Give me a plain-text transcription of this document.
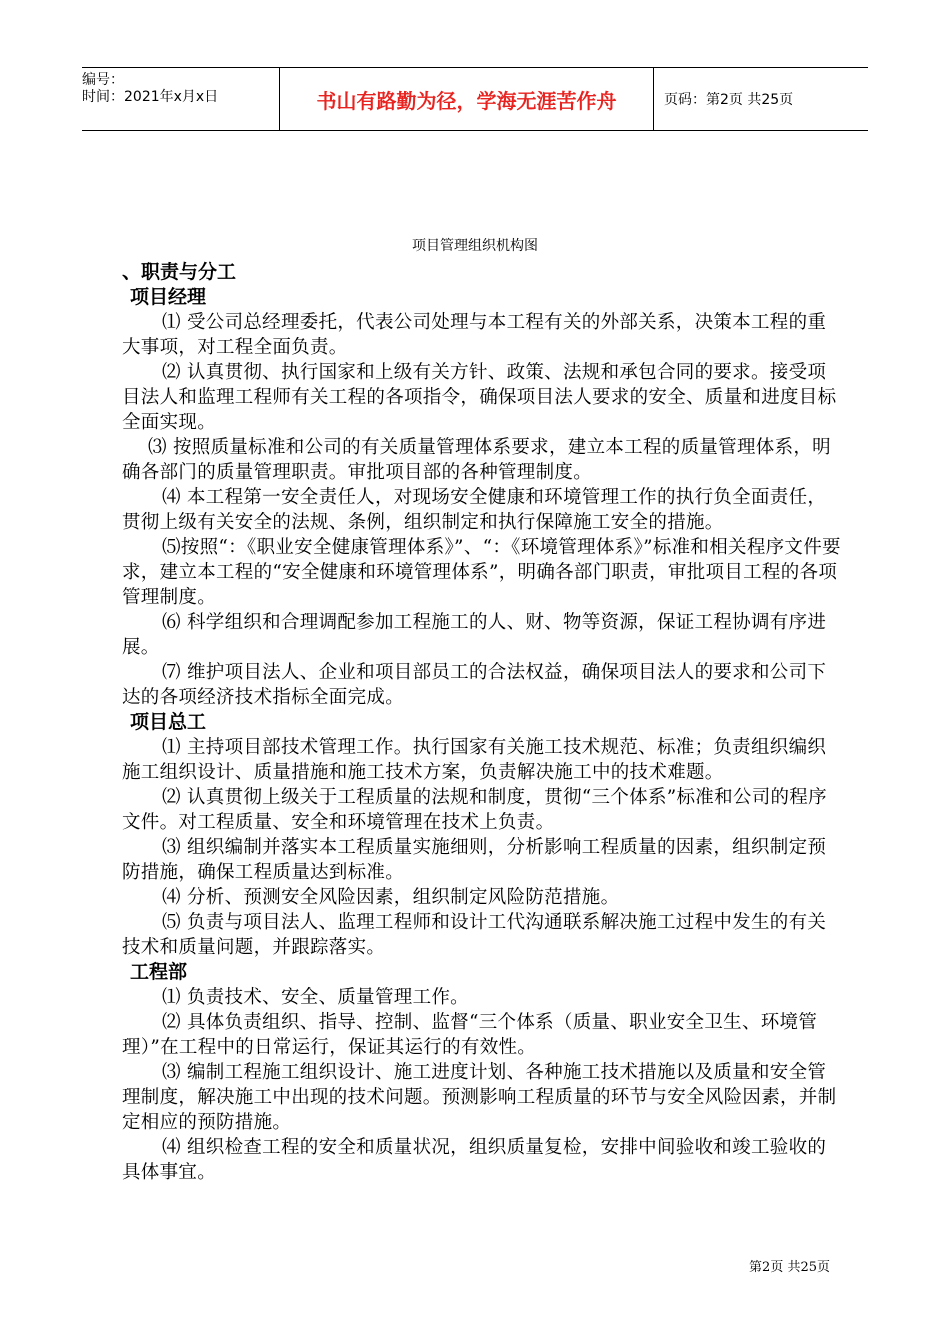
编号：
时间：2021年x月x日	书山有路勤为径，学海无涯苦作舟	页码：第2页 共25页
项目管理组织机构图
、职责与分工
项目经理

⑴ 受公司总经理委托，代表公司处理与本工程有关的外部关系，决策本工程的重大事项，对工程全面负责。

⑵ 认真贯彻、执行国家和上级有关方针、政策、法规和承包合同的要求。接受项目法人和监理工程师有关工程的各项指令，确保项目法人要求的安全、质量和进度目标全面实现。

⑶ 按照质量标准和公司的有关质量管理体系要求，建立本工程的质量管理体系，明确各部门的质量管理职责。审批项目部的各种管理制度。

⑷ 本工程第一安全责任人，对现场安全健康和环境管理工作的执行负全面责任，贯彻上级有关安全的法规、条例，组织制定和执行保障施工安全的措施。

⑸按照“：《职业安全健康管理体系》”、“：《环境管理体系》”标准和相关程序文件要求，建立本工程的“安全健康和环境管理体系”，明确各部门职责，审批项目工程的各项管理制度。

⑹ 科学组织和合理调配参加工程施工的人、财、物等资源，保证工程协调有序进展。

⑺ 维护项目法人、企业和项目部员工的合法权益，确保项目法人的要求和公司下达的各项经济技术指标全面完成。

项目总工

⑴ 主持项目部技术管理工作。执行国家有关施工技术规范、标准；负责组织编织施工组织设计、质量措施和施工技术方案，负责解决施工中的技术难题。

⑵ 认真贯彻上级关于工程质量的法规和制度，贯彻“三个体系”标准和公司的程序文件。对工程质量、安全和环境管理在技术上负责。

⑶ 组织编制并落实本工程质量实施细则，分析影响工程质量的因素，组织制定预防措施，确保工程质量达到标准。

⑷ 分析、预测安全风险因素，组织制定风险防范措施。

⑸ 负责与项目法人、监理工程师和设计工代沟通联系解决施工过程中发生的有关技术和质量问题，并跟踪落实。

工程部

⑴ 负责技术、安全、质量管理工作。

⑵ 具体负责组织、指导、控制、监督“三个体系（质量、职业安全卫生、环境管理）”在工程中的日常运行，保证其运行的有效性。

⑶ 编制工程施工组织设计、施工进度计划、各种施工技术措施以及质量和安全管理制度，解决施工中出现的技术问题。预测影响工程质量的环节与安全风险因素，并制定相应的预防措施。

⑷ 组织检查工程的安全和质量状况，组织质量复检，安排中间验收和竣工验收的具体事宜。

第2页 共25页
